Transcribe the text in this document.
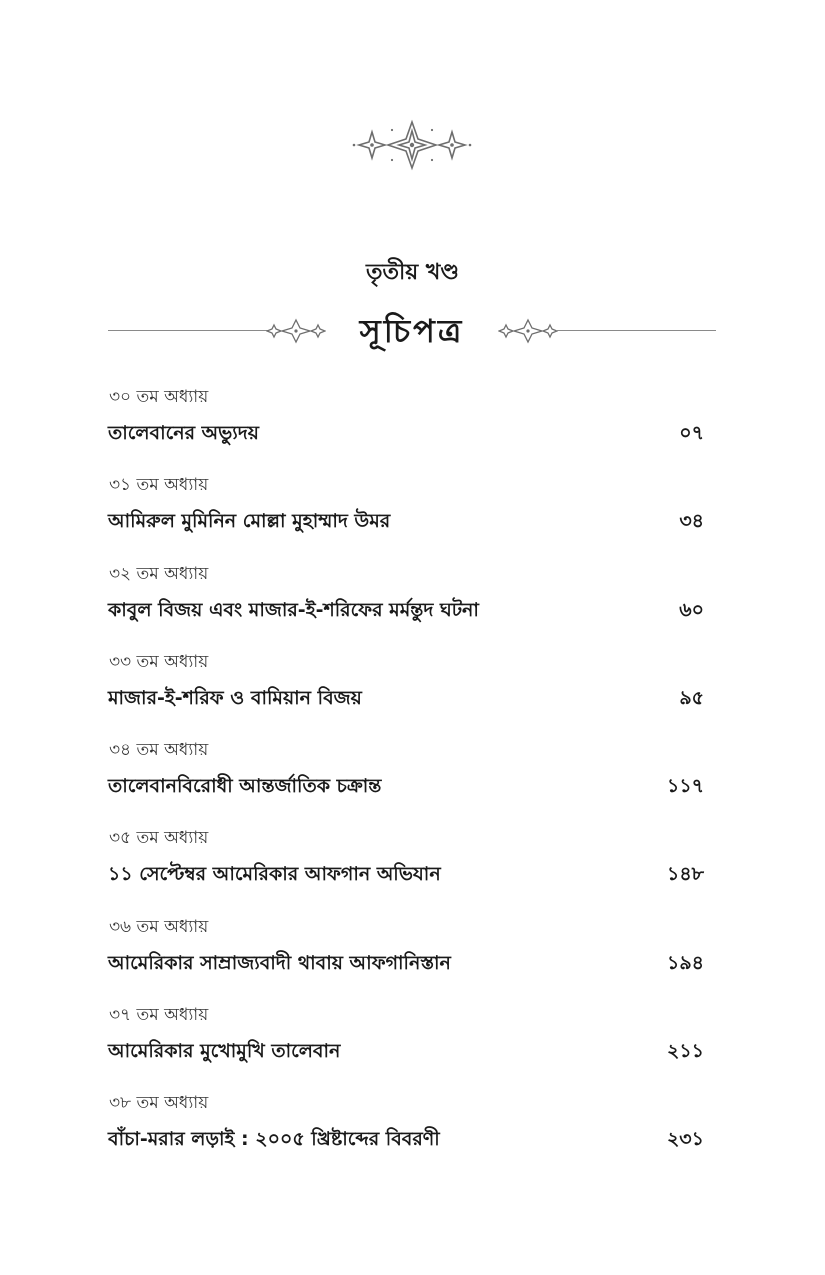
তৃতীয় খণ্ড
সূচিপত্র
৩০ তম অধ্যায়
তালেবানের অভ্যুদয়	০৭
৩১ তম অধ্যায়
আমিরুল মুমিনিন মোল্লা মুহাম্মাদ উমর	৩৪
৩২ তম অধ্যায়
কাবুল বিজয় এবং মাজার-ই-শরিফের মর্মন্তুদ ঘটনা	৬০
৩৩ তম অধ্যায়
মাজার-ই-শরিফ ও বামিয়ান বিজয়	৯৫
৩৪ তম অধ্যায়
তালেবানবিরোধী আন্তর্জাতিক চক্রান্ত	১১৭
৩৫ তম অধ্যায়
১১ সেপ্টেম্বর আমেরিকার আফগান অভিযান	১৪৮
৩৬ তম অধ্যায়
আমেরিকার সাম্রাজ্যবাদী থাবায় আফগানিস্তান	১৯৪
৩৭ তম অধ্যায়
আমেরিকার মুখোমুখি তালেবান	২১১
৩৮ তম অধ্যায়
বাঁচা-মরার লড়াই : ২০০৫ খ্রিষ্টাব্দের বিবরণী	২৩১
